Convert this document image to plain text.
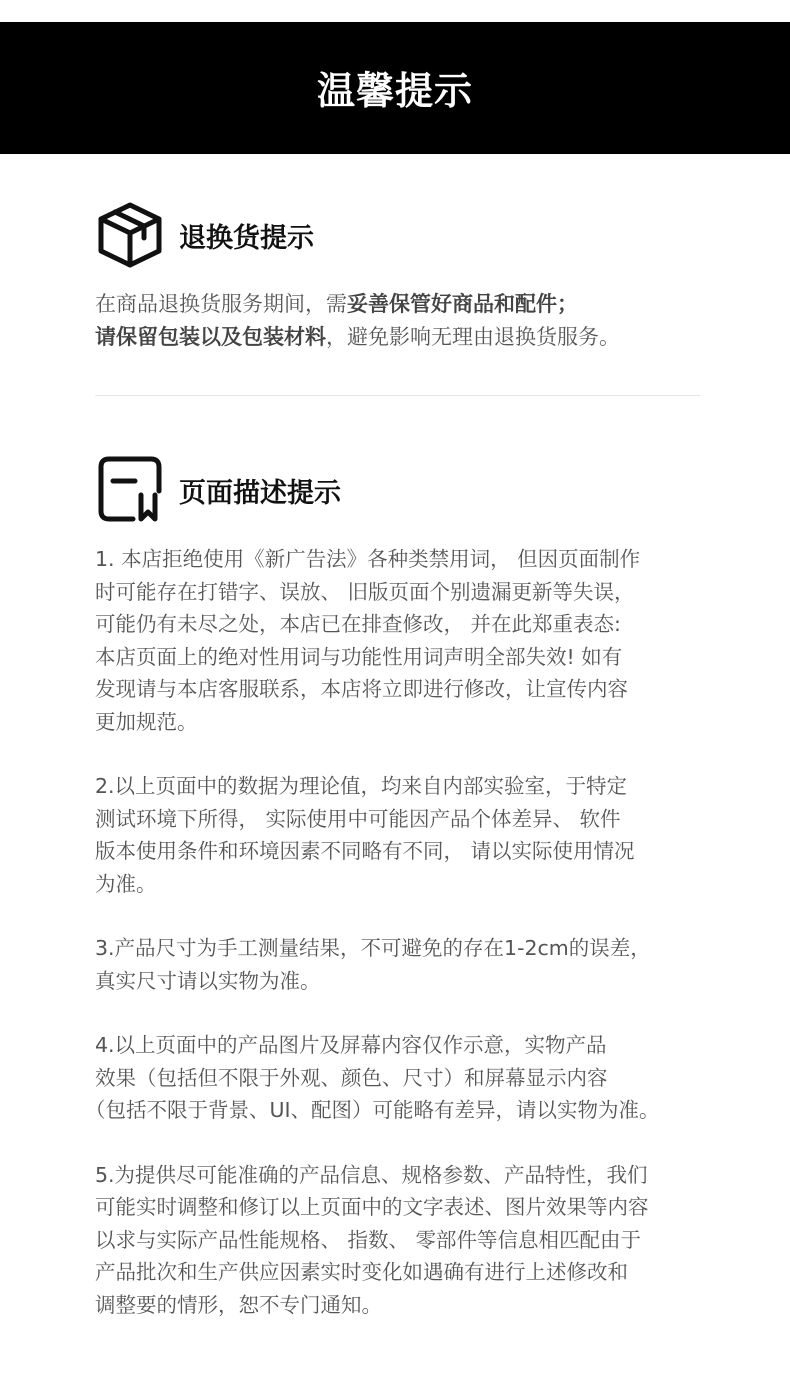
温馨提示
退换货提示
在商品退换货服务期间，需妥善保管好商品和配件；
请保留包装以及包装材料，避免影响无理由退换货服务。
页面描述提示
1. 本店拒绝使用《新广告法》各种类禁用词， 但因页面制作
时可能存在打错字、误放、 旧版页面个别遗漏更新等失误，
可能仍有未尽之处，本店已在排查修改， 并在此郑重表态:
本店页面上的绝对性用词与功能性用词声明全部失效! 如有
发现请与本店客服联系，本店将立即进行修改，让宣传内容
更加规范。
2.以上页面中的数据为理论值，均来自内部实验室，于特定
测试环境下所得， 实际使用中可能因产品个体差异、 软件
版本使用条件和环境因素不同略有不同， 请以实际使用情况
为准。
3.产品尺寸为手工测量结果，不可避免的存在1-2cm的误差，
真实尺寸请以实物为准。
4.以上页面中的产品图片及屏幕内容仅作示意，实物产品
效果（包括但不限于外观、颜色、尺寸）和屏幕显示内容
（包括不限于背景、UI、配图）可能略有差异，请以实物为准。
5.为提供尽可能准确的产品信息、规格参数、产品特性，我们
可能实时调整和修订以上页面中的文字表述、图片效果等内容
以求与实际产品性能规格、 指数、 零部件等信息相匹配由于
产品批次和生产供应因素实时变化如遇确有进行上述修改和
调整要的情形，恕不专门通知。
